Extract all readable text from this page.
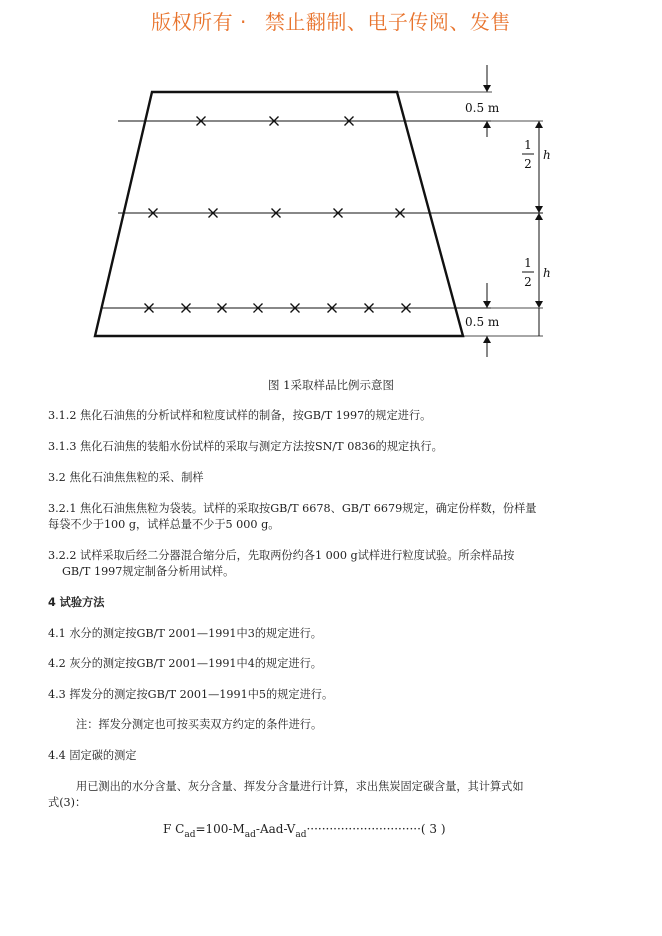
版权所有 · 禁止翻制、电子传阅、发售
0.5 m
1
2
h
1
2
h
0.5 m
图 1采取样品比例示意图
3.1.2 焦化石油焦的分析试样和粒度试样的制备，按GB/T 1997的规定进行。
3.1.3 焦化石油焦的装船水份试样的采取与测定方法按SN/T 0836的规定执行。
3.2 焦化石油焦焦粒的采、制样
3.2.1 焦化石油焦焦粒为袋装。试样的采取按GB/T 6678、GB/T 6679规定，确定份样数，份样量
每袋不少于100 g，试样总量不少于5 000 g。
3.2.2 试样采取后经二分器混合缩分后，先取两份约各1 000 g试样进行粒度试验。所余样品按
GB/T 1997规定制备分析用试样。
4 试验方法
4.1 水分的测定按GB/T 2001—1991中3的规定进行。
4.2 灰分的测定按GB/T 2001—1991中4的规定进行。
4.3 挥发分的测定按GB/T 2001—1991中5的规定进行。
注：挥发分测定也可按买卖双方约定的条件进行。
4.4 固定碳的测定
用已测出的水分含量、灰分含量、挥发分含量进行计算，求出焦炭固定碳含量，其计算式如
式(3)：
F $C_{ad}=100-M_{ad}-Aad-V_{ad}\cdot\cdot\cdot\cdot\cdot\cdot\cdot\cdot\cdot\cdot\cdot\cdot\cdot\cdot\cdot\cdot\cdot\cdot\cdot\cdot\cdot\cdot\cdot\cdot\cdot\cdot\cdot\cdot\cdot\cdot$( 3 )
